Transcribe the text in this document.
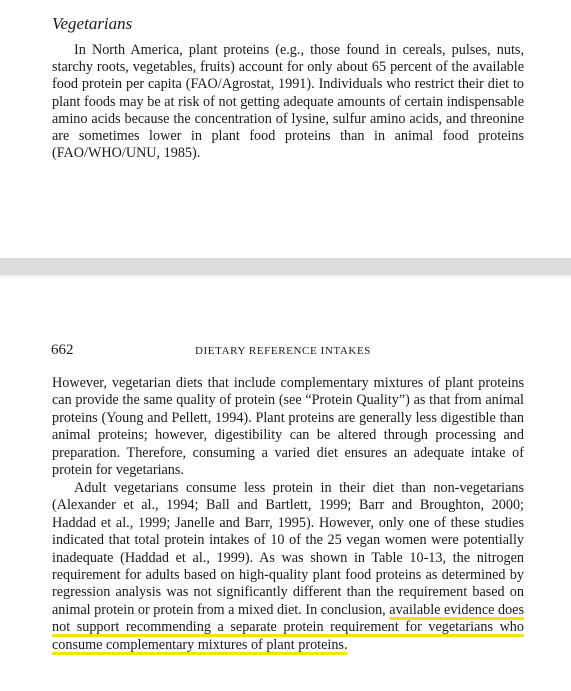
Vegetarians

In North America, plant proteins (e.g., those found in cereals, pulses, nuts, starchy roots, vegetables, fruits) account for only about 65 percent of the available food protein per capita (FAO/Agrostat, 1991). Individuals who restrict their diet to plant foods may be at risk of not getting adequate amounts of certain indispensable amino acids because the concentration of lysine, sulfur amino acids, and threonine are sometimes lower in plant food proteins than in animal food proteins (FAO/WHO/UNU, 1985).

662	DIETARY REFERENCE INTAKES

However, vegetarian diets that include complementary mixtures of plant proteins can provide the same quality of protein (see “Protein Quality”) as that from animal proteins (Young and Pellett, 1994). Plant proteins are generally less digestible than animal proteins; however, digestibility can be altered through processing and preparation. Therefore, consuming a varied diet ensures an adequate intake of protein for vegetarians.

Adult vegetarians consume less protein in their diet than non-vegetarians (Alexander et al., 1994; Ball and Bartlett, 1999; Barr and Broughton, 2000; Haddad et al., 1999; Janelle and Barr, 1995). However, only one of these studies indicated that total protein intakes of 10 of the 25 vegan women were potentially inadequate (Haddad et al., 1999). As was shown in Table 10-13, the nitrogen requirement for adults based on high-quality plant food proteins as determined by regression analysis was not significantly different than the requirement based on animal protein or protein from a mixed diet. In conclusion, available evidence does not support recommending a separate protein requirement for vegetarians who consume complementary mixtures of plant proteins.
